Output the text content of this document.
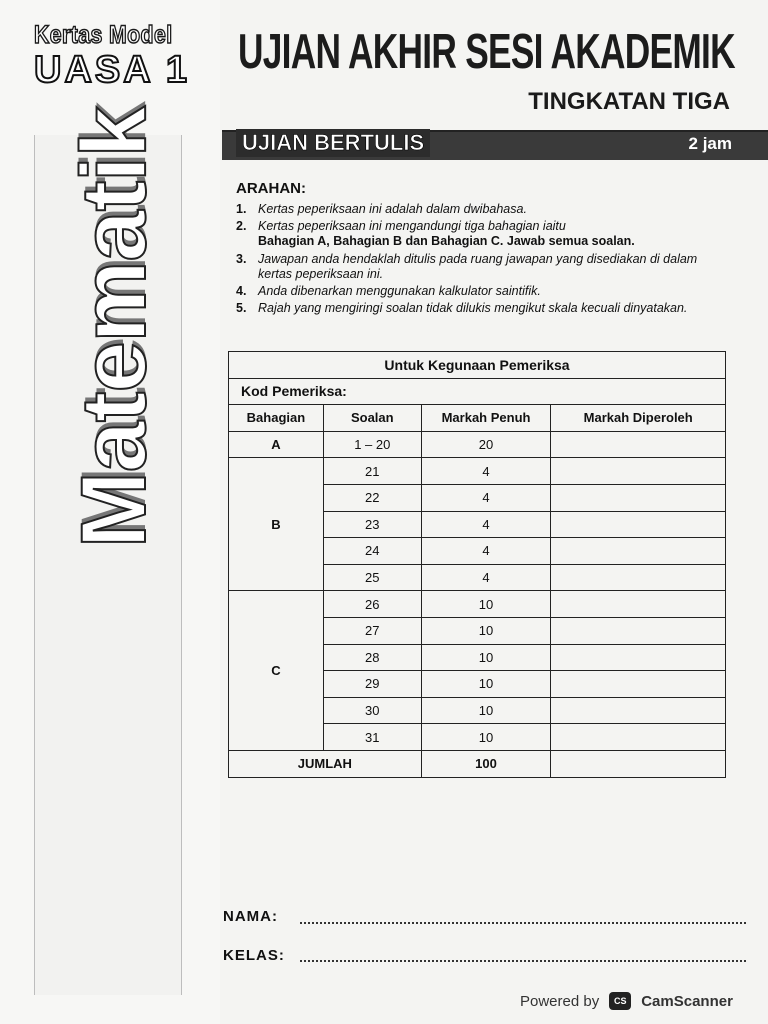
Kertas Model
UASA 1
Matematik
UJIAN AKHIR SESI AKADEMIK
TINGKATAN TIGA
UJIAN BERTULIS	2 jam
ARAHAN:
1. Kertas peperiksaan ini adalah dalam dwibahasa.
2. Kertas peperiksaan ini mengandungi tiga bahagian iaitu
Bahagian A, Bahagian B dan Bahagian C. Jawab semua soalan.
3. Jawapan anda hendaklah ditulis pada ruang jawapan yang disediakan di dalam kertas peperiksaan ini.
4. Anda dibenarkan menggunakan kalkulator saintifik.
5. Rajah yang mengiringi soalan tidak dilukis mengikut skala kecuali dinyatakan.
Untuk Kegunaan Pemeriksa			
Kod Pemeriksa:			
Bahagian	Soalan	Markah Penuh	Markah Diperoleh
A	1 – 20	20	
B	21	4	
	22	4	
	23	4	
	24	4	
	25	4	
C	26	10	
	27	10	
	28	10	
	29	10	
	30	10	
	31	10	
JUMLAH		100	
NAMA:
KELAS:
Powered by	CS CamScanner
